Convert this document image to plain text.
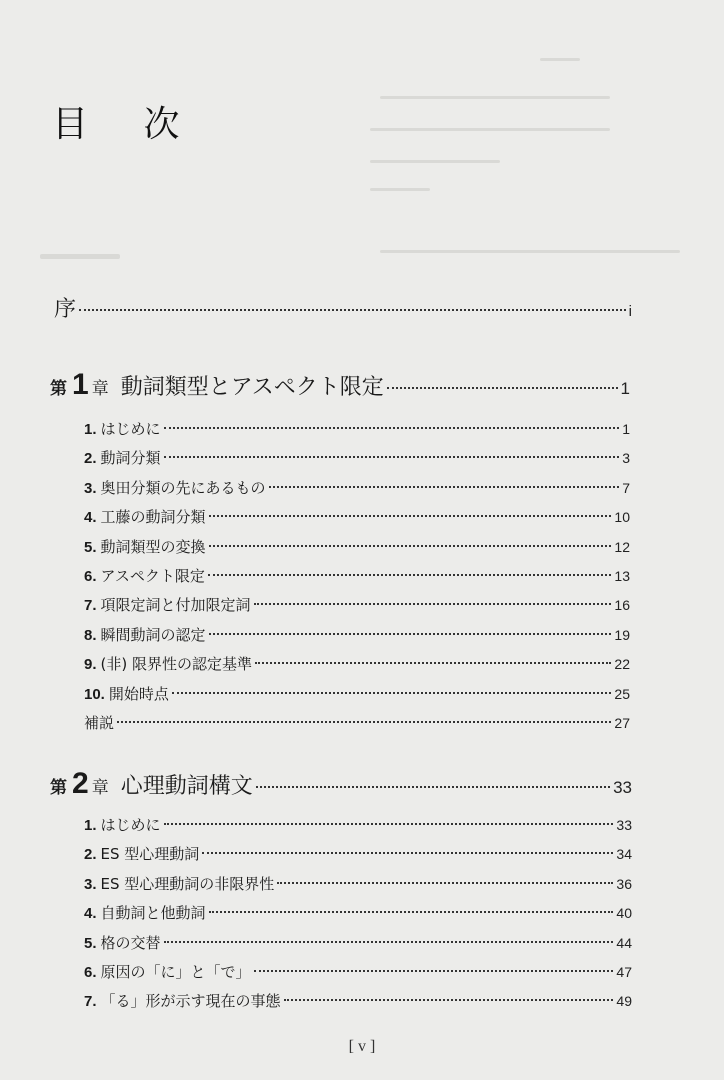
目 次
序	i
第 1 章 動詞類型とアスペクト限定	1
1. はじめに	1
2. 動詞分類	3
3. 奥田分類の先にあるもの	7
4. 工藤の動詞分類	10
5. 動詞類型の変換	12
6. アスペクト限定	13
7. 項限定詞と付加限定詞	16
8. 瞬間動詞の認定	19
9. (非) 限界性の認定基準	22
10. 開始時点	25
補説	27
第 2 章 心理動詞構文	33
1. はじめに	33
2. ES 型心理動詞	34
3. ES 型心理動詞の非限界性	36
4. 自動詞と他動詞	40
5. 格の交替	44
6. 原因の「に」と「で」	47
7. 「る」形が示す現在の事態	49
[ v ]
